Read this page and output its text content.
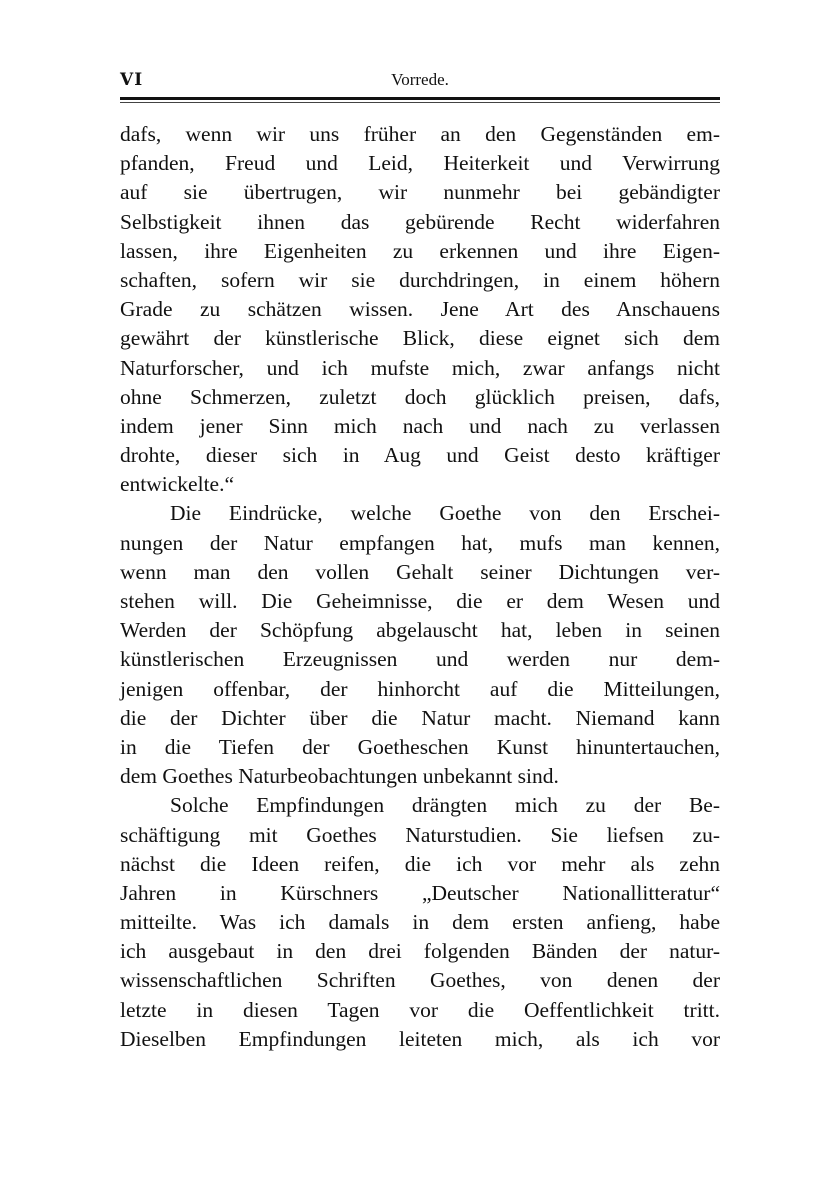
VI	Vorrede.
dafs, wenn wir uns früher an den Gegenständen em-
pfanden, Freud und Leid, Heiterkeit und Verwirrung
auf sie übertrugen, wir nunmehr bei gebändigter
Selbstigkeit ihnen das gebürende Recht widerfahren
lassen, ihre Eigenheiten zu erkennen und ihre Eigen-
schaften, sofern wir sie durchdringen, in einem höhern
Grade zu schätzen wissen. Jene Art des Anschauens
gewährt der künstlerische Blick, diese eignet sich dem
Naturforscher, und ich mufste mich, zwar anfangs nicht
ohne Schmerzen, zuletzt doch glücklich preisen, dafs,
indem jener Sinn mich nach und nach zu verlassen
drohte, dieser sich in Aug und Geist desto kräftiger
entwickelte.“
Die Eindrücke, welche Goethe von den Erschei-
nungen der Natur empfangen hat, mufs man kennen,
wenn man den vollen Gehalt seiner Dichtungen ver-
stehen will. Die Geheimnisse, die er dem Wesen und
Werden der Schöpfung abgelauscht hat, leben in seinen
künstlerischen Erzeugnissen und werden nur dem-
jenigen offenbar, der hinhorcht auf die Mitteilungen,
die der Dichter über die Natur macht. Niemand kann
in die Tiefen der Goetheschen Kunst hinuntertauchen,
dem Goethes Naturbeobachtungen unbekannt sind.
Solche Empfindungen drängten mich zu der Be-
schäftigung mit Goethes Naturstudien. Sie liefsen zu-
nächst die Ideen reifen, die ich vor mehr als zehn
Jahren in Kürschners „Deutscher Nationallitteratur“
mitteilte. Was ich damals in dem ersten anfieng, habe
ich ausgebaut in den drei folgenden Bänden der natur-
wissenschaftlichen Schriften Goethes, von denen der
letzte in diesen Tagen vor die Oeffentlichkeit tritt.
Dieselben Empfindungen leiteten mich, als ich vor
